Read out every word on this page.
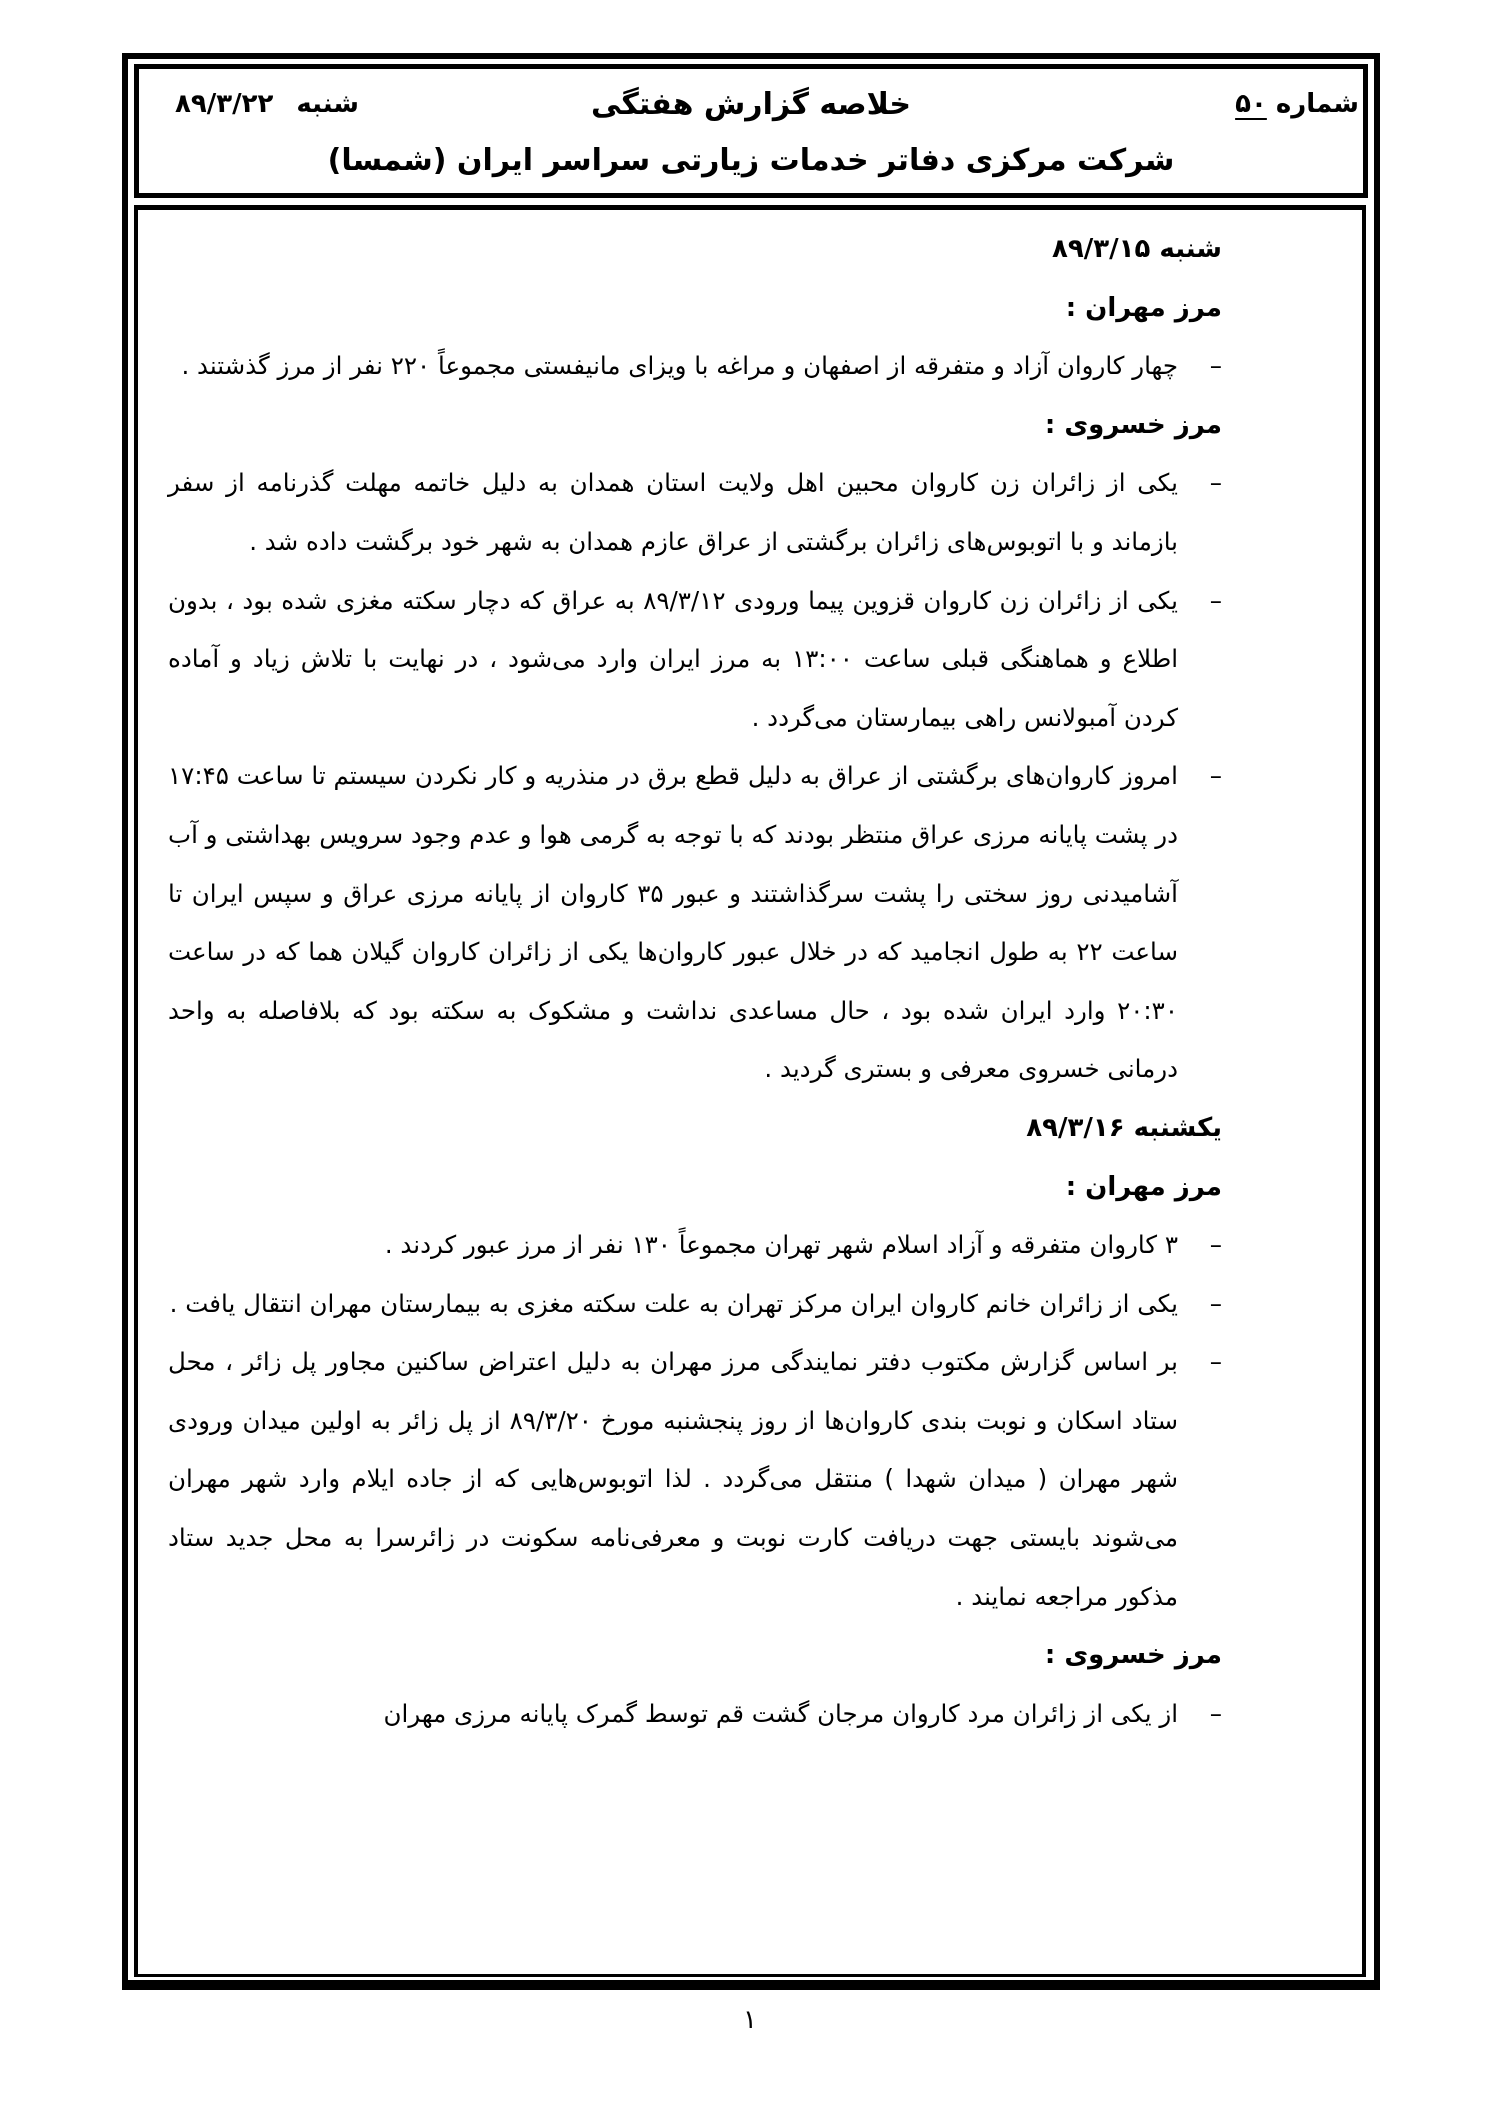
شماره ۵۰
خلاصه گزارش هفتگی
شنبه ۸۹/۳/۲۲
شرکت مرکزی دفاتر خدمات زیارتی سراسر ایران (شمسا)
شنبه ۸۹/۳/۱۵
مرز مهران :
–
چهار کاروان آزاد و متفرقه از اصفهان و مراغه با ویزای مانیفستی مجموعاً ۲۲۰ نفر از مرز گذشتند .
مرز خسروی :
–
یکی از زائران زن کاروان محبین اهل ولایت استان همدان به دلیل خاتمه مهلت گذرنامه از سفر بازماند و با اتوبوس‌های زائران برگشتی از عراق عازم همدان به شهر خود برگشت داده شد .
–
یکی از زائران زن کاروان قزوین پیما ورودی ۸۹/۳/۱۲ به عراق که دچار سکته مغزی شده بود ، بدون اطلاع و هماهنگی قبلی ساعت ۱۳:۰۰ به مرز ایران وارد می‌شود ، در نهایت با تلاش زیاد و آماده کردن آمبولانس راهی بیمارستان می‌گردد .
–
امروز کاروان‌های برگشتی از عراق به دلیل قطع برق در منذریه و کار نکردن سیستم تا ساعت ۱۷:۴۵ در پشت پایانه مرزی عراق منتظر بودند که با توجه به گرمی هوا و عدم وجود سرویس بهداشتی و آب آشامیدنی روز سختی را پشت سرگذاشتند و عبور ۳۵ کاروان از پایانه مرزی عراق و سپس ایران تا ساعت ۲۲ به طول انجامید که در خلال عبور کاروان‌ها یکی از زائران کاروان گیلان هما که در ساعت ۲۰:۳۰ وارد ایران شده بود ، حال مساعدی نداشت و مشکوک به سکته بود که بلافاصله به واحد درمانی خسروی معرفی و بستری گردید .
یکشنبه ۸۹/۳/۱۶
مرز مهران :
–
۳ کاروان متفرقه و آزاد اسلام شهر تهران مجموعاً ۱۳۰ نفر از مرز عبور کردند .
–
یکی از زائران خانم کاروان ایران مرکز تهران به علت سکته مغزی به بیمارستان مهران انتقال یافت .
–
بر اساس گزارش مکتوب دفتر نمایندگی مرز مهران به دلیل اعتراض ساکنین مجاور پل زائر ، محل ستاد اسکان و نوبت بندی کاروان‌ها از روز پنجشنبه مورخ ۸۹/۳/۲۰ از پل زائر به اولین میدان ورودی شهر مهران ( میدان شهدا ) منتقل می‌گردد . لذا اتوبوس‌هایی که از جاده ایلام وارد شهر مهران می‌شوند بایستی جهت دریافت کارت نوبت و معرفی‌نامه سکونت در زائرسرا به محل جدید ستاد مذکور مراجعه نمایند .
مرز خسروی :
–
از یکی از زائران مرد کاروان مرجان گشت قم توسط گمرک پایانه مرزی مهران
۱
